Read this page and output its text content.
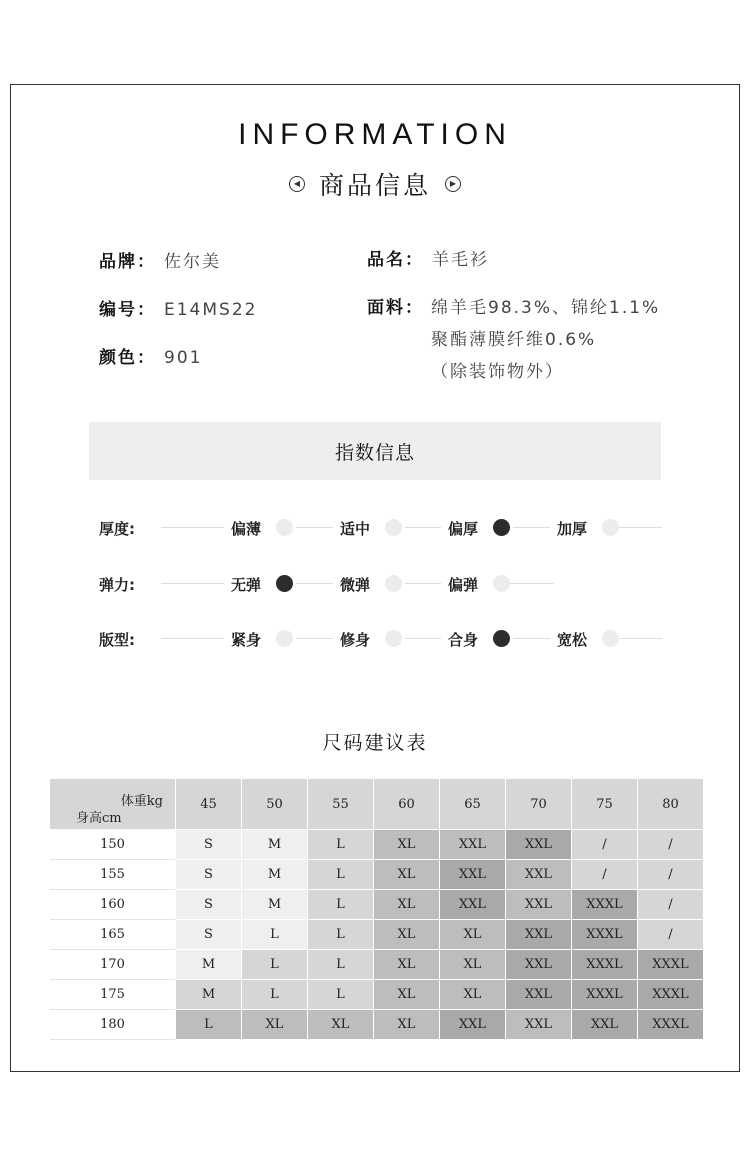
INFORMATION
◀ 商品信息	▶
品牌： 佐尔美	品名： 羊毛衫
编号： E14MS22	面料： 绵羊毛98.3%、锦纶1.1%
聚酯薄膜纤维0.6%
（除装饰物外）
颜色： 901
指数信息
厚度:	偏薄	适中	偏厚	加厚
弹力:	无弹	微弹	偏弹
版型:	紧身	修身	合身	宽松
尺码建议表
体重kg
身高cm	45	50	55	60	65	70	75	80
150	S	M	L	XL	XXL	XXL	/	/
155	S	M	L	XL	XXL	XXL	/	/
160	S	M	L	XL	XXL	XXL	XXXL	/
165	S	L	L	XL	XL	XXL	XXXL	/
170	M	L	L	XL	XL	XXL	XXXL	XXXL
175	M	L	L	XL	XL	XXL	XXXL	XXXL
180	L	XL	XL	XL	XXL	XXL	XXL	XXXL
